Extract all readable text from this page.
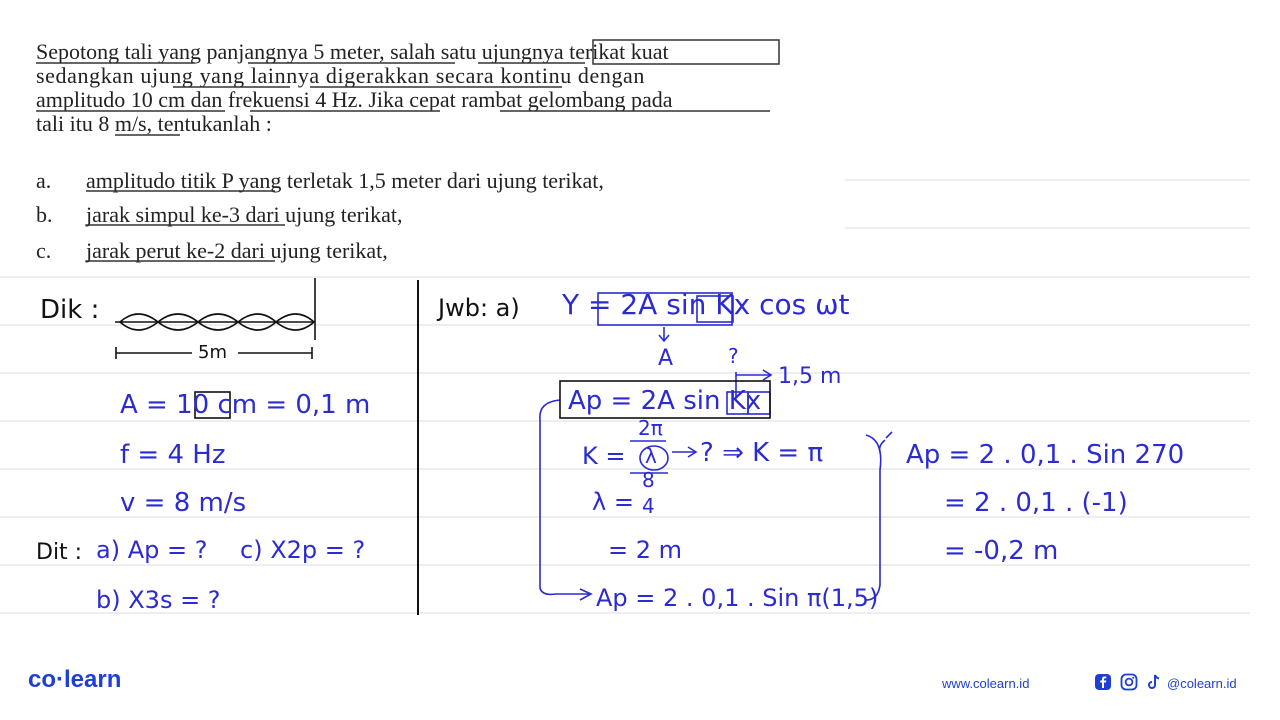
Sepotong tali yang panjangnya 5 meter, salah satu ujungnya terikat kuat
sedangkan ujung yang lainnya digerakkan secara kontinu dengan
amplitudo 10 cm dan frekuensi 4 Hz. Jika cepat rambat gelombang pada
tali itu 8 m/s, tentukanlah :
a. amplitudo titik P yang terletak 1,5 meter dari ujung terikat,
b. jarak simpul ke-3 dari ujung terikat,
c. jarak perut ke-2 dari ujung terikat,
Dik :
5m
A = 10 cm = 0,1 m
f = 4 Hz
v = 8 m/s
Dit : a) Ap = ? c) X2p = ?
b) X3s = ?
Jwb: a) Y = 2A sin Kx cos ωt
A	?
1,5 m
Ap = 2A sin Kx
K =
2π
λ ? ⇒ K = π
λ =
8
4
= 2 m
Ap = 2 . 0,1 . Sin π(1,5)
Ap = 2 . 0,1 . Sin 270
= 2 . 0,1 . (-1)
= -0,2 m
co·learn	www.colearn.id	@colearn.id
